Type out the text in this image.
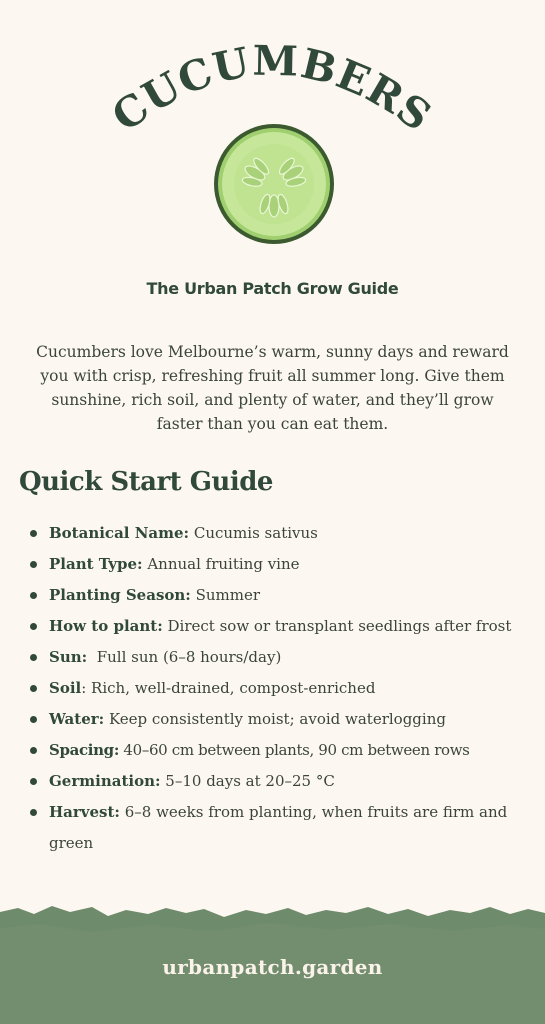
CUCUMBERS
The Urban Patch Grow Guide

Cucumbers love Melbourne’s warm, sunny days and reward you with crisp, refreshing fruit all summer long. Give them sunshine, rich soil, and plenty of water, and they’ll grow faster than you can eat them.

Quick Start Guide
Botanical Name: Cucumis sativus
Plant Type: Annual fruiting vine
Planting Season: Summer
How to plant: Direct sow or transplant seedlings after frost
Sun:  Full sun (6–8 hours/day)
Soil: Rich, well-drained, compost-enriched
Water: Keep consistently moist; avoid waterlogging
Spacing: 40–60 cm between plants, 90 cm between rows
Germination: 5–10 days at 20–25 °C
Harvest: 6–8 weeks from planting, when fruits are firm and green
urbanpatch.garden
